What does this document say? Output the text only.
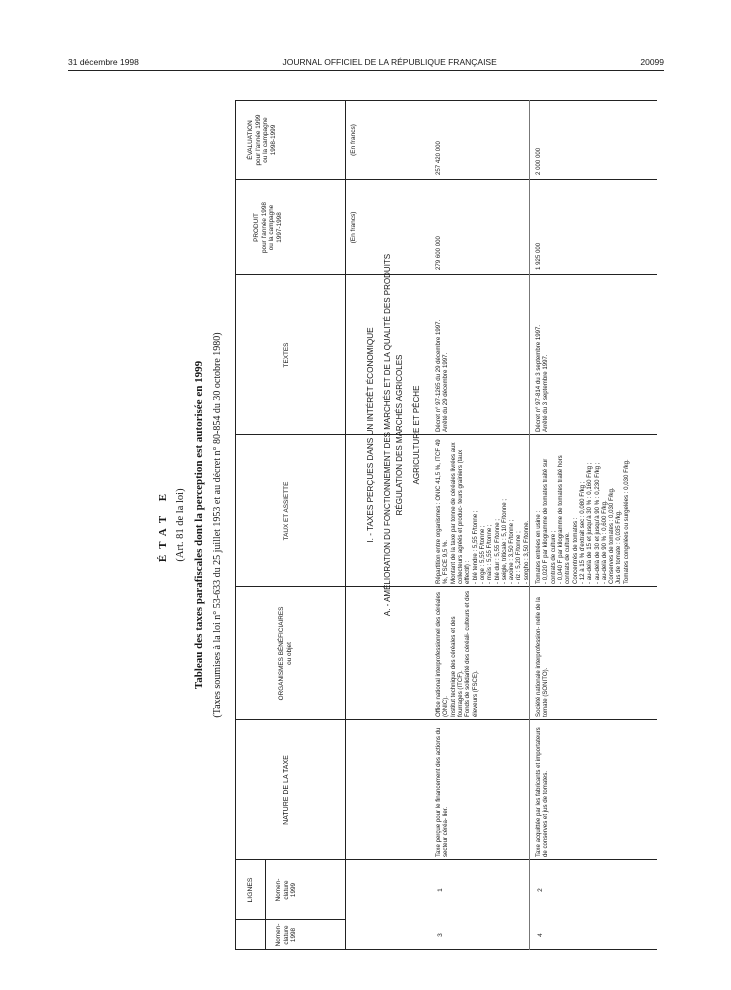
31 décembre 1998	JOURNAL OFFICIEL DE LA RÉPUBLIQUE FRANÇAISE	20099
ÉTAT E (Art. 81 de la loi) Tableau des taxes parafiscales dont la perception est autorisée en 1999 (Taxes soumises à la loi n° 53-633 du 25 juillet 1953 et au décret n° 80-854 du 30 octobre 1980)
LIGNES
Nomen-
clature
1998
Nomen-
clature
1999
NATURE DE LA TAXE
ORGANISMES BÉNÉFICIAIRES
ou objet
TAUX ET ASSIETTE
TEXTES
PRODUIT
pour l'année 1998
ou la campagne
1997-1998
ÉVALUATION
pour l'année 1999
ou la campagne
1998-1999
(En francs)
(En francs)
I. - TAXES PERÇUES DANS UN INTÉRÊT ÉCONOMIQUE A. - AMÉLIORATION DU FONCTIONNEMENT DES MARCHÉS ET DE LA QUALITÉ DES PRODUITS RÉGULATION DES MARCHÉS AGRICOLES AGRICULTURE ET PÊCHE
3
1
Taxe perçue pour le financement des actions du secteur céréa- lier.

Office national interprofessionnel des céréales (ONIC). Institut technique des céréales et des fourrages (ITCF). Fonds de solidarité des céréali- culteurs et des éleveurs (FSCE).

Répartition entre organismes : ONIC 41,5 %, ITCF 49 %, FSCE 9,5 %. Montant de la taxe par tonne de céréales livrées aux collecteurs agréés et produc- teurs grainiers (taux effectif) : - blé tendre : 5,55 F/tonne ; - orge : 5,55 F/tonne ; - maïs : 5,55 F/tonne ; - blé dur : 5,55 F/tonne ; - seigle, triticale : 5,10 F/tonne ; - avoine : 3,50 F/tonne ; - riz : 5,20 F/tonne ; - sorgho : 3,50 F/tonne.

Décret n° 97-1265 du 29 décembre 1997. Arrêté du 29 décembre 1997.

279 600 000
257 420 000
4
2
Taxe acquittée par les fabricants et importateurs de conserves et jus de tomates.

Société nationale interprofession- nelle de la tomate (SONITO).

Tomates entrées en usine : - 0,020 F par kilogramme de tomates traité sur contrats de culture ; - 0,040 F par kilogramme de tomates traité hors contrats de culture. Concentrés de tomates : - 12 à 15 % d'extrait sec : 0,080 F/kg ; - au-delà de 15 et jusqu'à 30 % : 0,160 F/kg ; - au-delà de 30 et jusqu'à 90 % : 0,230 F/kg ; - au-delà de 90 % : 0,600 F/kg. Conserves de tomates : 0,030 F/kg. Jus de tomate : 0,035 F/kg. Tomates congelées ou surgelées : 0,030 F/kg.

Décret n° 97-814 du 3 septembre 1997. Arrêté du 3 septembre 1997.

1 925 000
2 000 000
